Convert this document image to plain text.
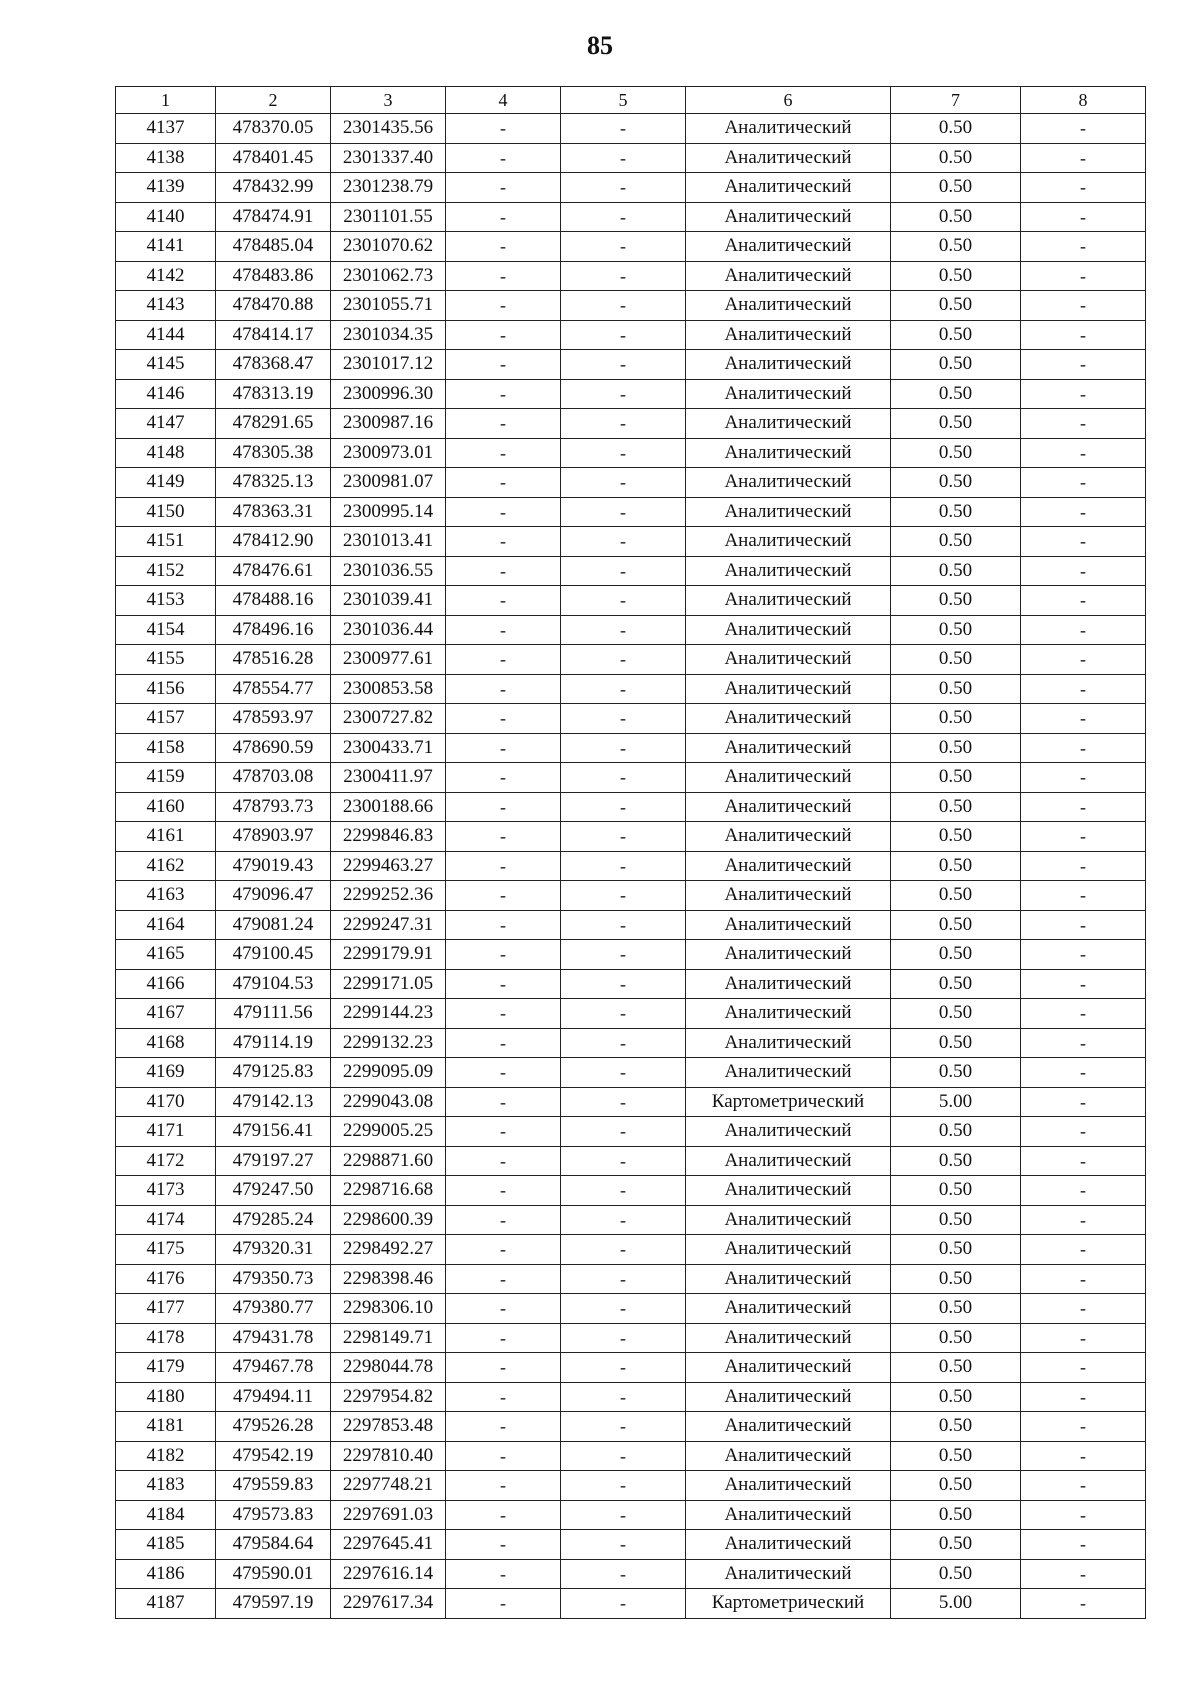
85
1	2	3	4	5	6	7	8
4137	478370.05	2301435.56	-	-	Аналитический	0.50	-
4138	478401.45	2301337.40	-	-	Аналитический	0.50	-
4139	478432.99	2301238.79	-	-	Аналитический	0.50	-
4140	478474.91	2301101.55	-	-	Аналитический	0.50	-
4141	478485.04	2301070.62	-	-	Аналитический	0.50	-
4142	478483.86	2301062.73	-	-	Аналитический	0.50	-
4143	478470.88	2301055.71	-	-	Аналитический	0.50	-
4144	478414.17	2301034.35	-	-	Аналитический	0.50	-
4145	478368.47	2301017.12	-	-	Аналитический	0.50	-
4146	478313.19	2300996.30	-	-	Аналитический	0.50	-
4147	478291.65	2300987.16	-	-	Аналитический	0.50	-
4148	478305.38	2300973.01	-	-	Аналитический	0.50	-
4149	478325.13	2300981.07	-	-	Аналитический	0.50	-
4150	478363.31	2300995.14	-	-	Аналитический	0.50	-
4151	478412.90	2301013.41	-	-	Аналитический	0.50	-
4152	478476.61	2301036.55	-	-	Аналитический	0.50	-
4153	478488.16	2301039.41	-	-	Аналитический	0.50	-
4154	478496.16	2301036.44	-	-	Аналитический	0.50	-
4155	478516.28	2300977.61	-	-	Аналитический	0.50	-
4156	478554.77	2300853.58	-	-	Аналитический	0.50	-
4157	478593.97	2300727.82	-	-	Аналитический	0.50	-
4158	478690.59	2300433.71	-	-	Аналитический	0.50	-
4159	478703.08	2300411.97	-	-	Аналитический	0.50	-
4160	478793.73	2300188.66	-	-	Аналитический	0.50	-
4161	478903.97	2299846.83	-	-	Аналитический	0.50	-
4162	479019.43	2299463.27	-	-	Аналитический	0.50	-
4163	479096.47	2299252.36	-	-	Аналитический	0.50	-
4164	479081.24	2299247.31	-	-	Аналитический	0.50	-
4165	479100.45	2299179.91	-	-	Аналитический	0.50	-
4166	479104.53	2299171.05	-	-	Аналитический	0.50	-
4167	479111.56	2299144.23	-	-	Аналитический	0.50	-
4168	479114.19	2299132.23	-	-	Аналитический	0.50	-
4169	479125.83	2299095.09	-	-	Аналитический	0.50	-
4170	479142.13	2299043.08	-	-	Картометрический	5.00	-
4171	479156.41	2299005.25	-	-	Аналитический	0.50	-
4172	479197.27	2298871.60	-	-	Аналитический	0.50	-
4173	479247.50	2298716.68	-	-	Аналитический	0.50	-
4174	479285.24	2298600.39	-	-	Аналитический	0.50	-
4175	479320.31	2298492.27	-	-	Аналитический	0.50	-
4176	479350.73	2298398.46	-	-	Аналитический	0.50	-
4177	479380.77	2298306.10	-	-	Аналитический	0.50	-
4178	479431.78	2298149.71	-	-	Аналитический	0.50	-
4179	479467.78	2298044.78	-	-	Аналитический	0.50	-
4180	479494.11	2297954.82	-	-	Аналитический	0.50	-
4181	479526.28	2297853.48	-	-	Аналитический	0.50	-
4182	479542.19	2297810.40	-	-	Аналитический	0.50	-
4183	479559.83	2297748.21	-	-	Аналитический	0.50	-
4184	479573.83	2297691.03	-	-	Аналитический	0.50	-
4185	479584.64	2297645.41	-	-	Аналитический	0.50	-
4186	479590.01	2297616.14	-	-	Аналитический	0.50	-
4187	479597.19	2297617.34	-	-	Картометрический	5.00	-
